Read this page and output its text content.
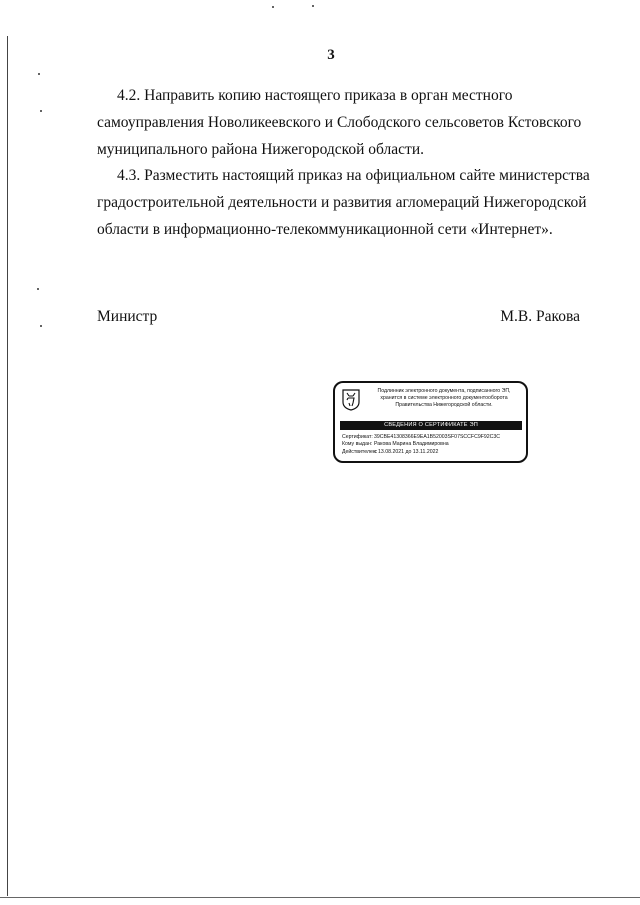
3
4.2. Направить копию настоящего приказа в орган местного
самоуправления Новоликеевского и Слободского сельсоветов Кстовского
муниципального района Нижегородской области.
4.3. Разместить настоящий приказ на официальном сайте министерства
градостроительной деятельности и развития агломераций Нижегородской
области в информационно-телекоммуникационной сети «Интернет».
Министр	М.В. Ракова
Подлинник электронного документа, подписанного ЭП,
хранится в системе электронного документооборота
Правительства Нижегородской области.
СВЕДЕНИЯ О СЕРТИФИКАТЕ ЭП
Сертификат: 39CBE41308366E9EA1B52003SF07SCCFC9F92C3C
Кому выдан: Ракова Марина Владимировна
Действителен:
с 13.08.2021 до 13.11.2022
